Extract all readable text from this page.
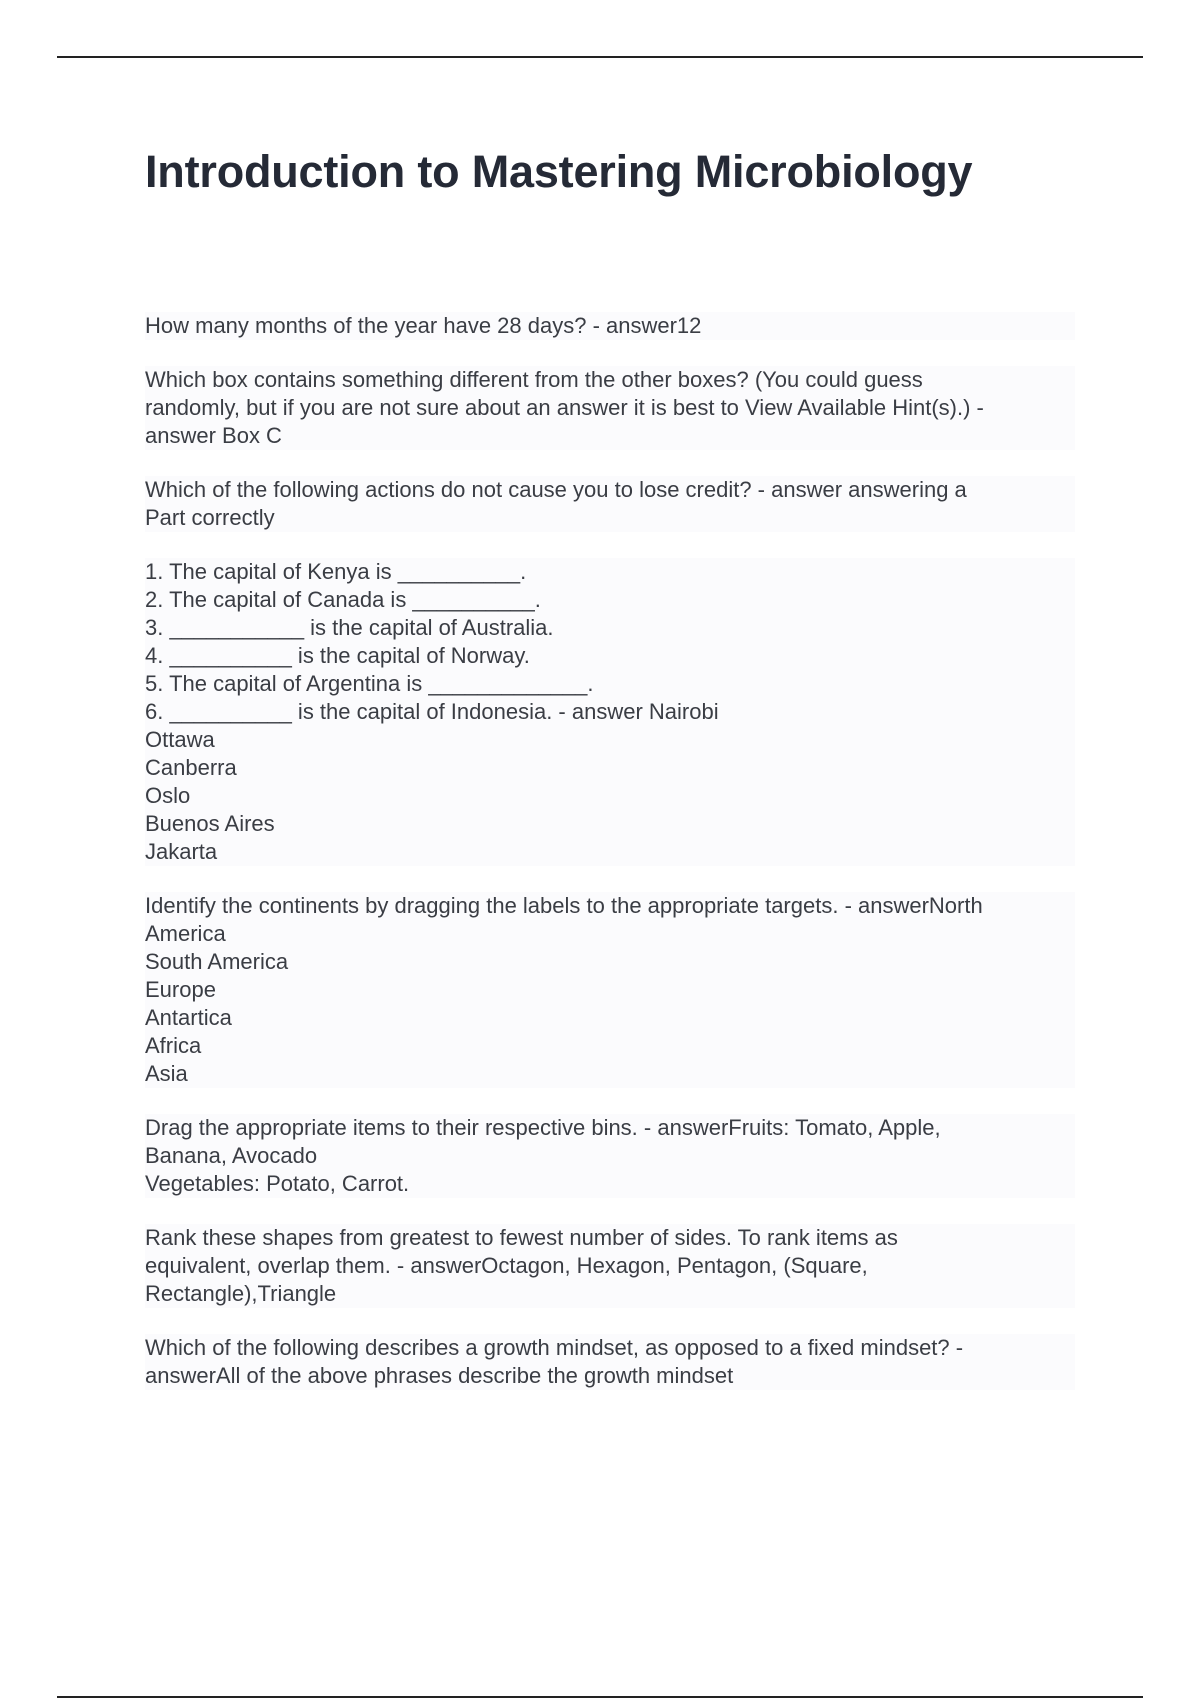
Introduction to Mastering Microbiology

How many months of the year have 28 days? - answer12

Which box contains something different from the other boxes? (You could guess
randomly, but if you are not sure about an answer it is best to View Available Hint(s).) -
answer Box C

Which of the following actions do not cause you to lose credit? - answer answering a
Part correctly

1. The capital of Kenya is __________.
2. The capital of Canada is __________.
3. ___________ is the capital of Australia.
4. __________ is the capital of Norway.
5. The capital of Argentina is _____________.
6. __________ is the capital of Indonesia. - answer Nairobi
Ottawa
Canberra
Oslo
Buenos Aires
Jakarta

Identify the continents by dragging the labels to the appropriate targets. - answerNorth
America
South America
Europe
Antartica
Africa
Asia

Drag the appropriate items to their respective bins. - answerFruits: Tomato, Apple,
Banana, Avocado
Vegetables: Potato, Carrot.

Rank these shapes from greatest to fewest number of sides. To rank items as
equivalent, overlap them. - answerOctagon, Hexagon, Pentagon, (Square,
Rectangle),Triangle

Which of the following describes a growth mindset, as opposed to a fixed mindset? -
answerAll of the above phrases describe the growth mindset
